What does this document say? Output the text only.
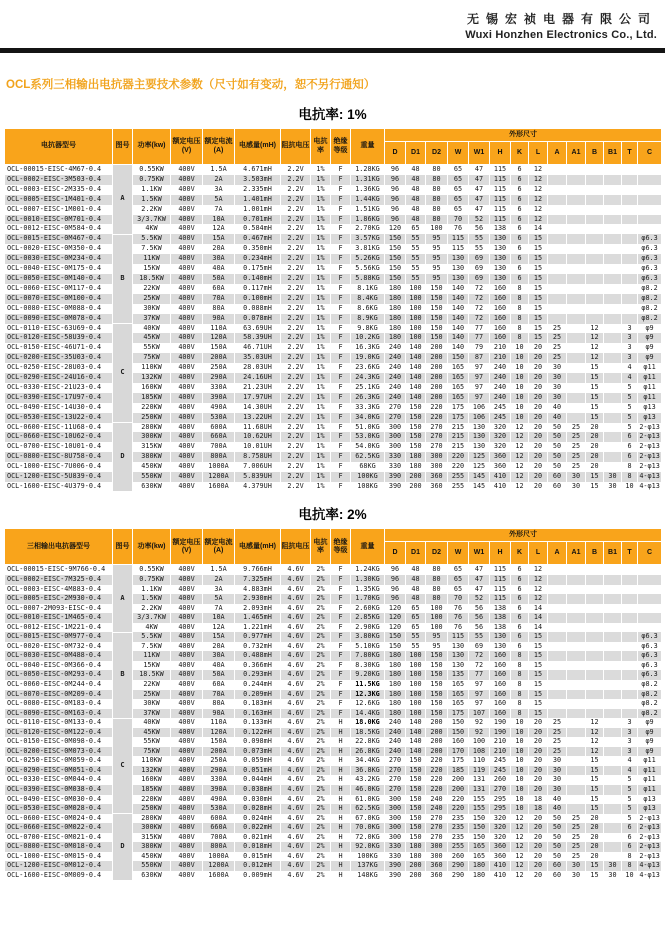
无锡宏祯电器有限公司
Wuxi Honzhen Electronics Co., Ltd.
OCL系列三相输出电抗器主要技术参数（尺寸如有变动，恕不另行通知）
电抗率: 1%
电抗器型号	图号	功率(kw)	额定电压(V)	额定电流(A)	电感量(mH)	阻抗电压	电抗率	绝缘等级	重量	外形尺寸													
										D	D1	D2	W	W1	H	K	L	A	A1	B	B1	T	C
OCL-00015-EISC-4M67-0.4	A	0.55KW	400V	1.5A	4.671mH	2.2V	1%	F	1.28KG	96	48	80	65	47	115	6	12						
OCL-0002-EISC-3M503-0.4		0.75KW	400V	2A	3.503mH	2.2V	1%	F	1.31KG	96	48	80	65	47	115	6	12						
OCL-0003-EISC-2M335-0.4		1.1KW	400V	3A	2.335mH	2.2V	1%	F	1.36KG	96	48	80	65	47	115	6	12						
OCL-0005-EISC-1M401-0.4		1.5KW	400V	5A	1.401mH	2.2V	1%	F	1.44KG	96	48	80	65	47	115	6	12						
OCL-0007-EISC-1M001-0.4		2.2KW	400V	7A	1.001mH	2.2V	1%	F	1.51KG	96	48	80	65	47	115	6	12						
OCL-0010-EISC-0M701-0.4		3/3.7KW	400V	10A	0.701mH	2.2V	1%	F	1.86KG	96	48	80	70	52	115	6	12						
OCL-0012-EISC-0M584-0.4		4KW	400V	12A	0.584mH	2.2V	1%	F	2.70KG	120	65	100	76	56	138	6	14						
OCL-0015-EISC-0M467-0.4	B	5.5KW	400V	15A	0.467mH	2.2V	1%	F	3.57KG	150	55	95	115	55	130	6	15						φ6.3
OCL-0020-EISC-0M350-0.4		7.5KW	400V	20A	0.350mH	2.2V	1%	F	3.81KG	150	55	95	115	55	130	6	15						φ6.3
OCL-0030-EISC-0M234-0.4		11KW	400V	30A	0.234mH	2.2V	1%	F	5.26KG	150	55	95	130	69	130	6	15						φ6.3
OCL-0040-EISC-0M175-0.4		15KW	400V	40A	0.175mH	2.2V	1%	F	5.56KG	150	55	95	130	69	130	6	15						φ6.3
OCL-0050-EISC-0M140-0.4		18.5KW	400V	50A	0.140mH	2.2V	1%	F	5.88KG	150	55	95	130	69	130	6	15						φ6.3
OCL-0060-EISC-0M117-0.4		22KW	400V	60A	0.117mH	2.2V	1%	F	8.1KG	180	100	150	140	72	160	8	15						φ8.2
OCL-0070-EISC-0M100-0.4		25KW	400V	70A	0.100mH	2.2V	1%	F	8.4KG	180	100	150	140	72	160	8	15						φ8.2
OCL-0080-EISC-0M088-0.4		30KW	400V	80A	0.088mH	2.2V	1%	F	8.6KG	180	100	150	140	72	160	8	15						φ8.2
OCL-0090-EISC-0M078-0.4		37KW	400V	90A	0.078mH	2.2V	1%	F	8.9KG	180	100	150	140	72	160	8	15						φ8.2
OCL-0110-EISC-63U69-0.4	C	40KW	400V	110A	63.69UH	2.2V	1%	F	9.8KG	180	100	150	140	77	160	8	15	25		12		3	φ9
OCL-0120-EISC-58U39-0.4		45KW	400V	120A	58.39UH	2.2V	1%	F	10.2KG	180	100	150	140	77	160	8	15	25		12		3	φ9
OCL-0150-EISC-46U71-0.4		55KW	400V	150A	46.71UH	2.2V	1%	F	16.3KG	240	140	200	140	79	210	10	20	25		12		3	φ9
OCL-0200-EISC-35U03-0.4		75KW	400V	200A	35.03UH	2.2V	1%	F	19.0KG	240	140	200	150	87	210	10	20	25		12		3	φ9
OCL-0250-EISC-28U03-0.4		110KW	400V	250A	28.03UH	2.2V	1%	F	23.6KG	240	140	200	165	97	240	10	20	30		15		4	φ11
OCL-0290-EISC-24U16-0.4		132KW	400V	290A	24.16UH	2.2V	1%	F	24.3KG	240	140	200	165	97	240	10	20	30		15		4	φ11
OCL-0330-EISC-21U23-0.4		160KW	400V	330A	21.23UH	2.2V	1%	F	25.1KG	240	140	200	165	97	240	10	20	30		15		5	φ11
OCL-0390-EISC-17U97-0.4		185KW	400V	390A	17.97UH	2.2V	1%	F	26.3KG	240	140	200	165	97	240	10	20	30		15		5	φ11
OCL-0490-EISC-14U30-0.4		220KW	400V	490A	14.30UH	2.2V	1%	F	33.3KG	270	150	220	175	106	245	10	20	40		15		5	φ13
OCL-0530-EISC-13U22-0.4		250KW	400V	530A	13.22UH	2.2V	1%	F	34.0KG	270	150	220	175	106	245	10	20	40		15		5	φ13
OCL-0600-EISC-11U68-0.4	D	280KW	400V	600A	11.68UH	2.2V	1%	F	51.0KG	300	150	270	215	130	320	12	20	50	25	20		5	2-φ13
OCL-0660-EISC-10U62-0.4		300KW	400V	660A	10.62UH	2.2V	1%	F	53.0KG	300	150	270	215	130	320	12	20	50	25	20		6	2-φ13
OCL-0700-EISC-10U01-0.4		315KW	400V	700A	10.01UH	2.2V	1%	F	54.0KG	300	150	270	215	130	320	12	20	50	25	20		6	2-φ13
OCL-0800-EISC-8U758-0.4		380KW	400V	800A	8.758UH	2.2V	1%	F	62.5KG	330	180	300	220	125	360	12	20	50	25	20		6	2-φ13
OCL-1000-EISC-7U006-0.4		450KW	400V	1000A	7.006UH	2.2V	1%	F	68KG	330	180	300	220	125	360	12	20	50	25	20		8	2-φ13
OCL-1200-EISC-5U839-0.4		550KW	400V	1200A	5.839UH	2.2V	1%	F	100KG	390	200	360	255	145	410	12	20	60	30	15	30	8	4-φ13
OCL-1600-EISC-4U379-0.4		630KW	400V	1600A	4.379UH	2.2V	1%	F	108KG	390	200	360	255	145	410	12	20	60	30	15	30	10	4-φ13
电抗率: 2%
三相输出电抗器型号	图号	功率(kw)	额定电压(V)	额定电流(A)	电感量(mH)	阻抗电压	电抗率	绝缘等级	重量	外形尺寸													
										D	D1	D2	W	W1	H	K	L	A	A1	B	B1	T	C
OCL-00015-EISC-9M766-0.4	A	0.55KW	400V	1.5A	9.766mH	4.6V	2%	F	1.24KG	96	48	80	65	47	115	6	12						
OCL-0002-EISC-7M325-0.4		0.75KW	400V	2A	7.325mH	4.6V	2%	F	1.30KG	96	48	80	65	47	115	6	12						
OCL-0003-EISC-4M883-0.4		1.1KW	400V	3A	4.883mH	4.6V	2%	F	1.35KG	96	48	80	65	47	115	6	12						
OCL-0005-EISC-2M930-0.4		1.5KW	400V	5A	2.930mH	4.6V	2%	F	1.70KG	96	48	80	70	52	115	6	12						
OCL-0007-2M093-EISC-0.4		2.2KW	400V	7A	2.093mH	4.6V	2%	F	2.60KG	120	65	100	76	56	138	6	14						
OCL-0010-EISC-1M465-0.4		3/3.7KW	400V	10A	1.465mH	4.6V	2%	F	2.85KG	120	65	100	76	56	138	6	14						
OCL-0012-EISC-1M221-0.4		4KW	400V	12A	1.221mH	4.6V	2%	F	2.90KG	120	65	100	76	56	138	6	14						
OCL-0015-EISC-0M977-0.4	B	5.5KW	400V	15A	0.977mH	4.6V	2%	F	3.80KG	150	55	95	115	55	130	6	15						φ6.3
OCL-0020-EISC-0M732-0.4		7.5KW	400V	20A	0.732mH	4.6V	2%	F	5.10KG	150	55	95	130	69	130	6	15						φ6.3
OCL-0030-EISC-0M488-0.4		11KW	400V	30A	0.488mH	4.6V	2%	F	7.80KG	180	100	150	130	72	160	8	15						φ6.3
OCL-0040-EISC-0M366-0.4		15KW	400V	40A	0.366mH	4.6V	2%	F	8.30KG	180	100	150	130	72	160	8	15						φ6.3
OCL-0050-EISC-0M293-0.4		18.5KW	400V	50A	0.293mH	4.6V	2%	F	9.20KG	180	100	150	135	77	160	8	15						φ6.3
OCL-0060-EISC-0M244-0.4		22KW	400V	60A	0.244mH	4.6V	2%	F	11.5KG	180	100	150	165	97	160	8	15						φ8.2
OCL-0070-EISC-0M209-0.4		25KW	400V	70A	0.209mH	4.6V	2%	F	12.3KG	180	100	150	165	97	160	8	15						φ8.2
OCL-0080-EISC-0M183-0.4		30KW	400V	80A	0.183mH	4.6V	2%	F	12.6KG	180	100	150	165	97	160	8	15						φ8.2
OCL-0090-EISC-0M163-0.4		37KW	400V	90A	0.163mH	4.6V	2%	F	14.4KG	180	100	150	175	107	160	8	15						φ8.2
OCL-0110-EISC-0M133-0.4	C	40KW	400V	110A	0.133mH	4.6V	2%	H	18.0KG	240	140	200	150	92	190	10	20	25		12		3	φ9
OCL-0120-EISC-0M122-0.4		45KW	400V	120A	0.122mH	4.6V	2%	H	18.5KG	240	140	200	150	92	190	10	20	25		12		3	φ9
OCL-0150-EISC-0M098-0.4		55KW	400V	150A	0.098mH	4.6V	2%	H	22.8KG	240	140	200	160	100	210	10	20	25		12		3	φ9
OCL-0200-EISC-0M073-0.4		75KW	400V	200A	0.073mH	4.6V	2%	H	26.8KG	240	140	200	170	108	210	10	20	25		12		3	φ9
OCL-0250-EISC-0M059-0.4		110KW	400V	250A	0.059mH	4.6V	2%	H	34.4KG	270	150	220	175	110	245	10	20	30		15		4	φ11
OCL-0290-EISC-0M051-0.4		132KW	400V	290A	0.051mH	4.6V	2%	H	36.8KG	270	150	220	185	119	245	10	20	30		15		4	φ11
OCL-0330-EISC-0M044-0.4		160KW	400V	330A	0.044mH	4.6V	2%	H	43.2KG	270	150	220	200	131	260	10	20	30		15		5	φ11
OCL-0390-EISC-0M038-0.4		185KW	400V	390A	0.038mH	4.6V	2%	H	46.0KG	270	150	220	200	131	270	10	20	30		15		5	φ11
OCL-0490-EISC-0M030-0.4		220KW	400V	490A	0.030mH	4.6V	2%	H	61.0KG	300	150	240	220	155	295	10	18	40		15		5	φ13
OCL-0530-EISC-0M028-0.4		250KW	400V	530A	0.028mH	4.6V	2%	H	62.5KG	300	150	240	220	155	295	10	18	40		15		5	φ13
OCL-0600-EISC-0M024-0.4	D	280KW	400V	600A	0.024mH	4.6V	2%	H	67.0KG	300	150	270	235	150	320	12	20	50	25	20		5	2-φ13
OCL-0660-EISC-0M022-0.4		300KW	400V	660A	0.022mH	4.6V	2%	H	70.0KG	300	150	270	235	150	320	12	20	50	25	20		6	2-φ13
OCL-0700-EISC-0M021-0.4		315KW	400V	700A	0.021mH	4.6V	2%	H	72.0KG	300	150	270	235	150	320	12	20	50	25	20		6	2-φ13
OCL-0800-EISC-0M018-0.4		380KW	400V	800A	0.018mH	4.6V	2%	H	92.0KG	330	180	300	255	165	360	12	20	50	25	20		6	2-φ13
OCL-1000-EISC-0M015-0.4		450KW	400V	1000A	0.015mH	4.6V	2%	H	100KG	330	180	300	260	165	360	12	20	50	25	20		8	2-φ13
OCL-1200-EISC-0M012-0.4		550KW	400V	1200A	0.012mH	4.6V	2%	H	137KG	390	200	360	290	180	410	12	20	60	30	15	30	8	4-φ13
OCL-1600-EISC-0M009-0.4		630KW	400V	1600A	0.009mH	4.6V	2%	H	148KG	390	200	360	290	180	410	12	20	60	30	15	30	10	4-φ13
